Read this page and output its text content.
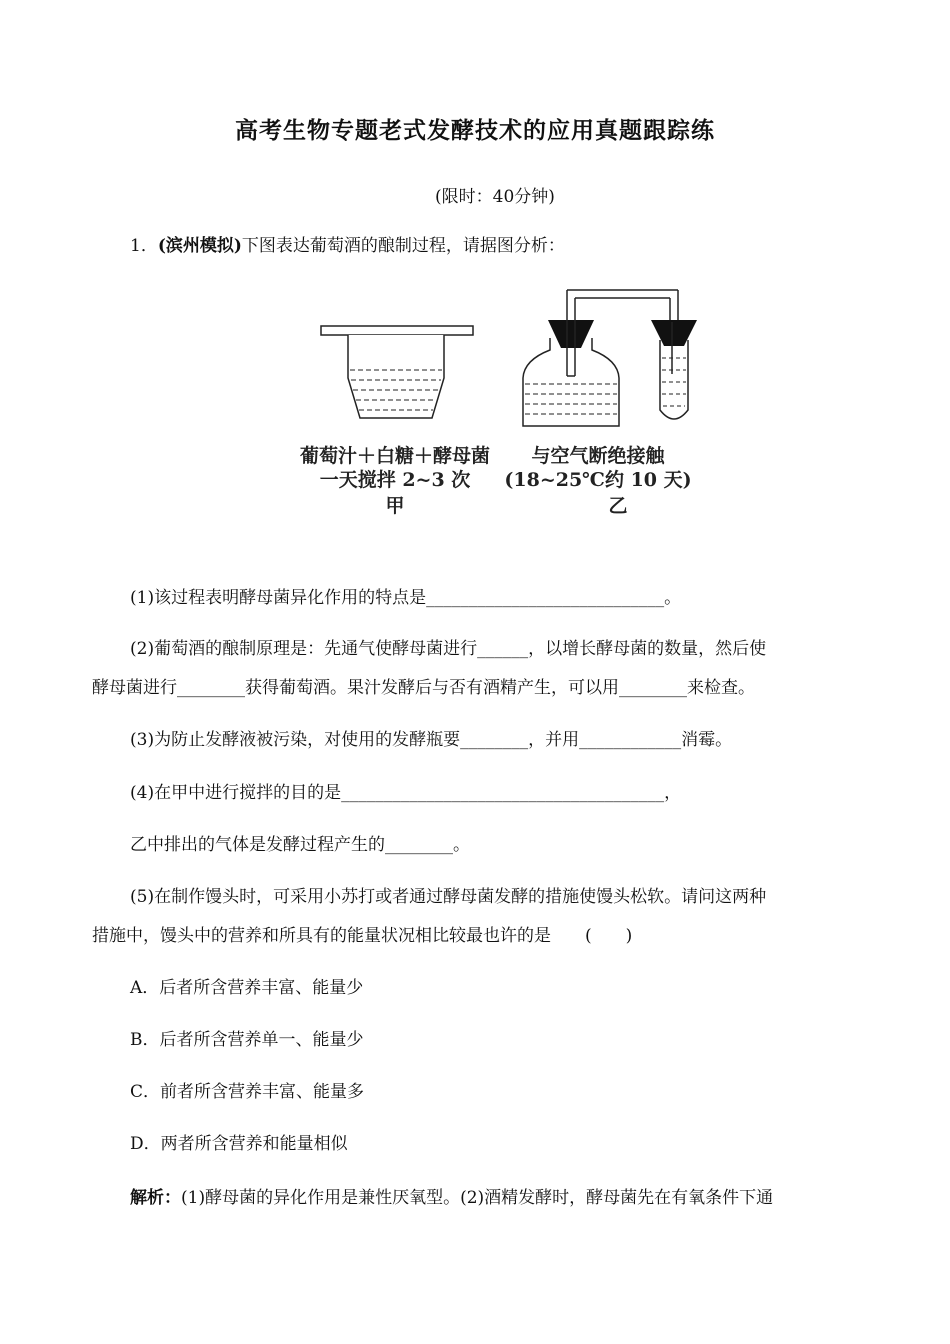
高考生物专题老式发酵技术的应用真题跟踪练
(限时：40分钟)
1．(滨州模拟)下图表达葡萄酒的酿制过程，请据图分析：
葡萄汁＋白糖＋酵母菌
一天搅拌 2~3 次
甲
与空气断绝接触
(18~25℃约 10 天)
乙
(1)该过程表明酵母菌异化作用的特点是____________________________。
(2)葡萄酒的酿制原理是：先通气使酵母菌进行______，以增长酵母菌的数量，然后使
酵母菌进行________获得葡萄酒。果汁发酵后与否有酒精产生，可以用________来检查。
(3)为防止发酵液被污染，对使用的发酵瓶要________，并用____________消霉。
(4)在甲中进行搅拌的目的是______________________________________，
乙中排出的气体是发酵过程产生的________。
(5)在制作馒头时，可采用小苏打或者通过酵母菌发酵的措施使馒头松软。请问这两种
措施中，馒头中的营养和所具有的能量状况相比较最也许的是　　(　　)
A．后者所含营养丰富、能量少
B．后者所含营养单一、能量少
C．前者所含营养丰富、能量多
D．两者所含营养和能量相似
解析：(1)酵母菌的异化作用是兼性厌氧型。(2)酒精发酵时，酵母菌先在有氧条件下通
